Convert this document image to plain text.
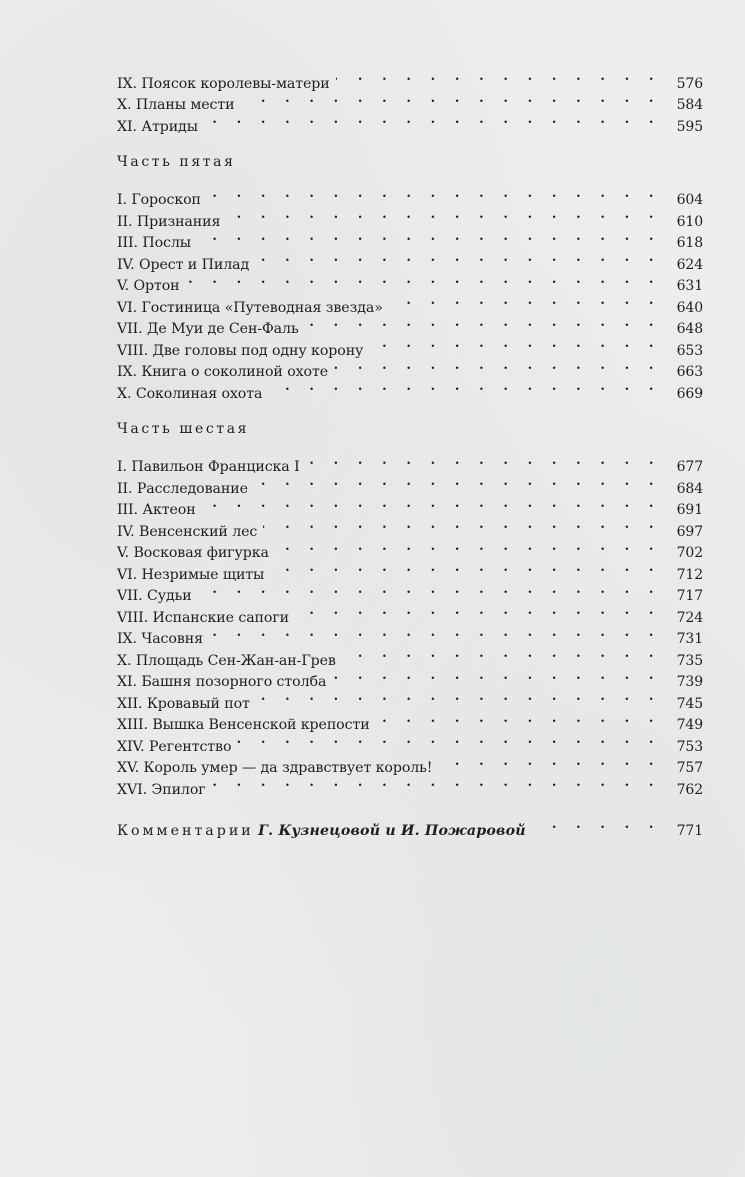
IX. Поясок королевы-матери . . .	576
X. Планы мести . . .	584
XI. Атриды . . .	595
Часть пятая
I. Гороскоп . . .	604
II. Признания . . .	610
III. Послы . . .	618
IV. Орест и Пилад . . .	624
V. Ортон . . .	631
VI. Гостиница «Путеводная звезда» . . .	640
VII. Де Муи де Сен-Фаль . . .	648
VIII. Две головы под одну корону . . .	653
IX. Книга о соколиной охоте . . .	663
X. Соколиная охота . . .	669
Часть шестая
I. Павильон Франциска I . . .	677
II. Расследование . . .	684
III. Актеон . . .	691
IV. Венсенский лес . . .	697
V. Восковая фигурка . . .	702
VI. Незримые щиты . . .	712
VII. Судьи . . .	717
VIII. Испанские сапоги . . .	724
IX. Часовня . . .	731
X. Площадь Сен-Жан-ан-Грев . . .	735
XI. Башня позорного столба . . .	739
XII. Кровавый пот . . .	745
XIII. Вышка Венсенской крепости . . .	749
XIV. Регентство . . .	753
XV. Король умер — да здравствует король! . . .	757
XVI. Эпилог . . .	762
Комментарии Г. Кузнецовой и И. Пожаровой . . .	771
